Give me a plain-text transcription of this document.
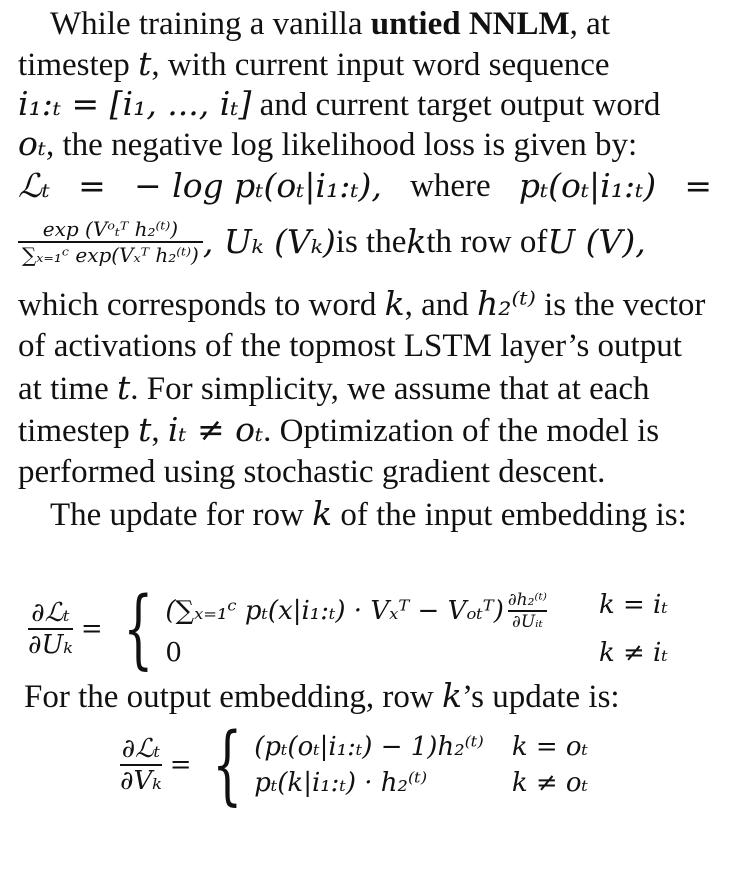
While training a vanilla untied NNLM, at
timestep t, with current input word sequence
i₁:ₜ = [i₁, ..., iₜ] and current target output word
oₜ, the negative log likelihood loss is given by:
ℒₜ = − log pₜ(oₜ|i₁:ₜ), where pₜ(oₜ|i₁:ₜ) =
$\frac{\text{exp (Vᵒₜᵀ h₂⁽ᵗ⁾)}}{\text{∑ₓ₌₁ᶜ exp(Vₓᵀ h₂⁽ᵗ⁾)}}$ , Uₖ (Vₖ) is the k th row of U (V),
which corresponds to word k, and h₂⁽ᵗ⁾ is the vector
of activations of the topmost LSTM layer’s output
at time t. For simplicity, we assume that at each
timestep t, iₜ ≠ oₜ. Optimization of the model is
performed using stochastic gradient descent.
The update for row k of the input embedding is:
∂ℒₜ
∂Uₖ
= { (∑ₓ₌₁ᶜ pₜ(x|i₁:ₜ) · Vₓᵀ − Vₒₜᵀ) $\frac{\text{∂h₂⁽ᵗ⁾}}{\text{∂Uᵢₜ}}$ k = iₜ
0	k ≠ iₜ
For the output embedding, row k’s update is:
∂ℒₜ
∂Vₖ
= { (pₜ(oₜ|i₁:ₜ) − 1)h₂⁽ᵗ⁾ k = oₜ
pₜ(k|i₁:ₜ) · h₂⁽ᵗ⁾	k ≠ oₜ
